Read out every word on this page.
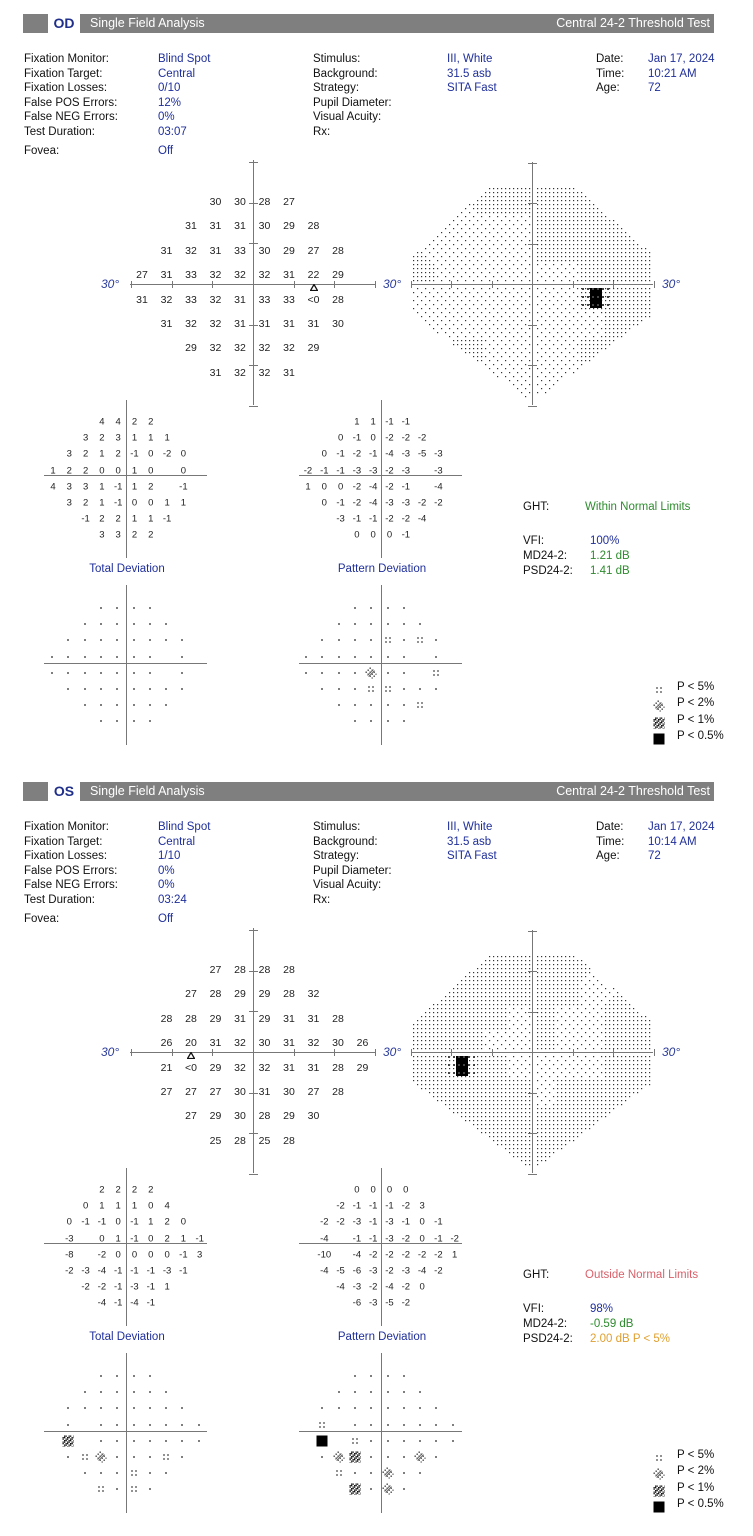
OD	Single Field Analysis	Central 24-2 Threshold Test
Fixation Monitor:	Blind Spot
Fixation Target:	Central
Fixation Losses:	0/10
False POS Errors:	12%
False NEG Errors:	0%
Test Duration:	03:07
Stimulus:	III, White
Background:	31.5 asb
Strategy:	SITA Fast
Pupil Diameter:
Visual Acuity:
Rx:
Date: Jan 17, 2024
Time: 10:21 AM
Age: 72
Fovea:	Off
30°	30°
30 30 28 27
31 31 31 30 29 28
31 32 31 33 30 29 27 28
27 31 33 32 32 32 31 22 29
31 32 33 32 31 33 33 <0 28
31 32 32 31 31 31 31 30
29 32 32 32 32 29
31 32 32 31
30°
4 4 2 2
3 2 3 1 1 1
3 2 1 2 -1 0 -2 0
1 2 2 0 0 1 0	0
4 3 3 1 -1 1 2	-1
3 2 1 -1 0 0 1 1
-1 2 2 1 1 -1
3 3 2 2
Total Deviation
1 1 -1 -1
0 -1 0 -2 -2 -2
0 -1 -2 -1 -4 -3 -5 -3
-2 -1 -1 -3 -3 -2 -3	-3
1 0 0 -2 -4 -2 -1	-4
0 -1 -2 -4 -3 -3 -2 -2
-3 -1 -1 -2 -2 -4
0 0 0 -1
Pattern Deviation
GHT:	Within Normal Limits
VFI:	100%
MD24-2: 1.21 dB
PSD24-2: 1.41 dB
P < 5%
P < 2%
P < 1%
P < 0.5%
OS	Single Field Analysis	Central 24-2 Threshold Test
Fixation Monitor:	Blind Spot
Fixation Target:	Central
Fixation Losses:	1/10
False POS Errors:	0%
False NEG Errors:	0%
Test Duration:	03:24
Stimulus:	III, White
Background:	31.5 asb
Strategy:	SITA Fast
Pupil Diameter:
Visual Acuity:
Rx:
Date: Jan 17, 2024
Time: 10:14 AM
Age: 72
Fovea:	Off
30°	30°
27 28 28 28
27 28 29 29 28 32
28 28 29 31 29 31 31 28
26 20 31 32 30 31 32 30 26
21 <0 29 32 32 31 31 28 29
27 27 27 30 31 30 27 28
27 29 30 28 29 30
25 28 25 28
30°
2 2 2 2
0 1 1 1 0 4
0 -1 -1 0 -1 1 2 0
-3	0 1 -1 0 2 1 -1
-8	-2 0 0 0 0 -1 3
-2 -3 -4 -1 -1 -1 -3 -1
-2 -2 -1 -3 -1 1
-4 -1 -4 -1
Total Deviation
0 0 0 0
-2 -1 -1 -1 -2 3
-2 -2 -3 -1 -3 -1 0 -1
-4	-1 -1 -3 -2 0 -1 -2
-10 -4 -2 -2 -2 -2 -2 1
-4 -5 -6 -3 -2 -3 -4 -2
-4 -3 -2 -4 -2 0
-6 -3 -5 -2
Pattern Deviation
GHT:	Outside Normal Limits
VFI:	98%
MD24-2: -0.59 dB
PSD24-2: 2.00 dB P < 5%
P < 5%
P < 2%
P < 1%
P < 0.5%
